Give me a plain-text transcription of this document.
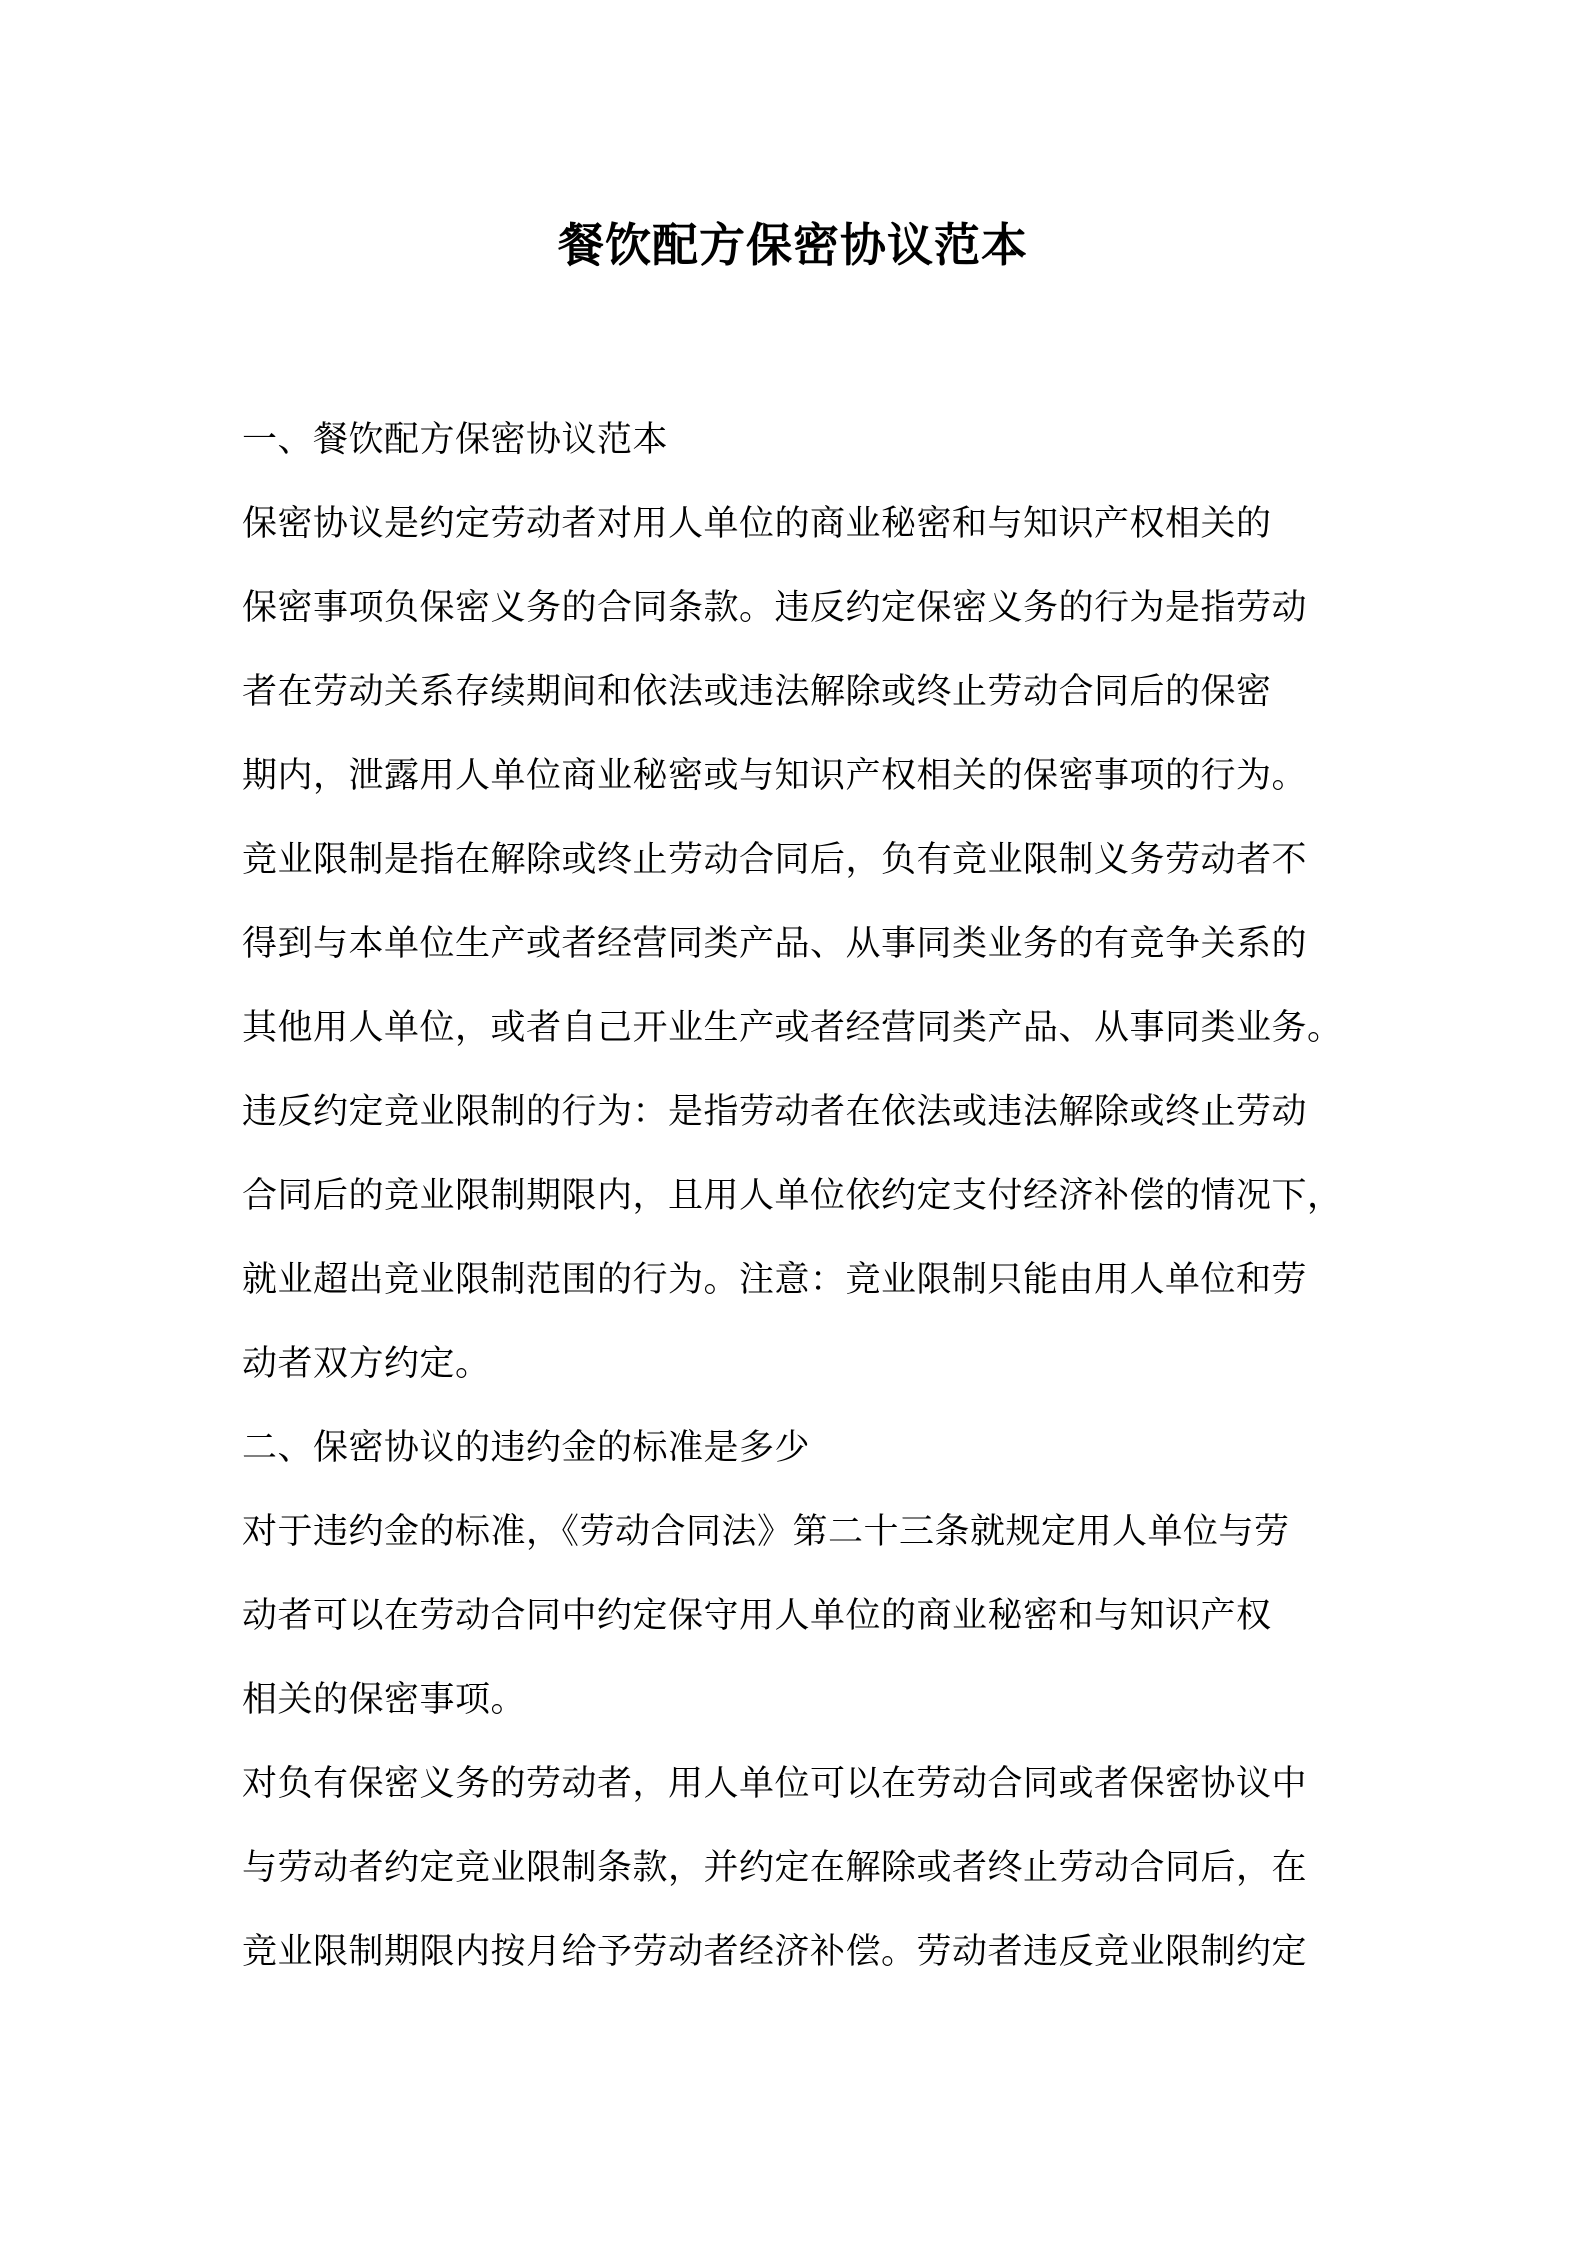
餐饮配方保密协议范本
一、餐饮配方保密协议范本
保密协议是约定劳动者对用人单位的商业秘密和与知识产权相关的
保密事项负保密义务的合同条款。违反约定保密义务的行为是指劳动
者在劳动关系存续期间和依法或违法解除或终止劳动合同后的保密
期内，泄露用人单位商业秘密或与知识产权相关的保密事项的行为。
竞业限制是指在解除或终止劳动合同后，负有竞业限制义务劳动者不
得到与本单位生产或者经营同类产品、从事同类业务的有竞争关系的
其他用人单位，或者自己开业生产或者经营同类产品、从事同类业务。
违反约定竞业限制的行为：是指劳动者在依法或违法解除或终止劳动
合同后的竞业限制期限内，且用人单位依约定支付经济补偿的情况下，
就业超出竞业限制范围的行为。注意：竞业限制只能由用人单位和劳
动者双方约定。
二、保密协议的违约金的标准是多少
对于违约金的标准，《劳动合同法》第二十三条就规定用人单位与劳
动者可以在劳动合同中约定保守用人单位的商业秘密和与知识产权
相关的保密事项。
对负有保密义务的劳动者，用人单位可以在劳动合同或者保密协议中
与劳动者约定竞业限制条款，并约定在解除或者终止劳动合同后，在
竞业限制期限内按月给予劳动者经济补偿。劳动者违反竞业限制约定
